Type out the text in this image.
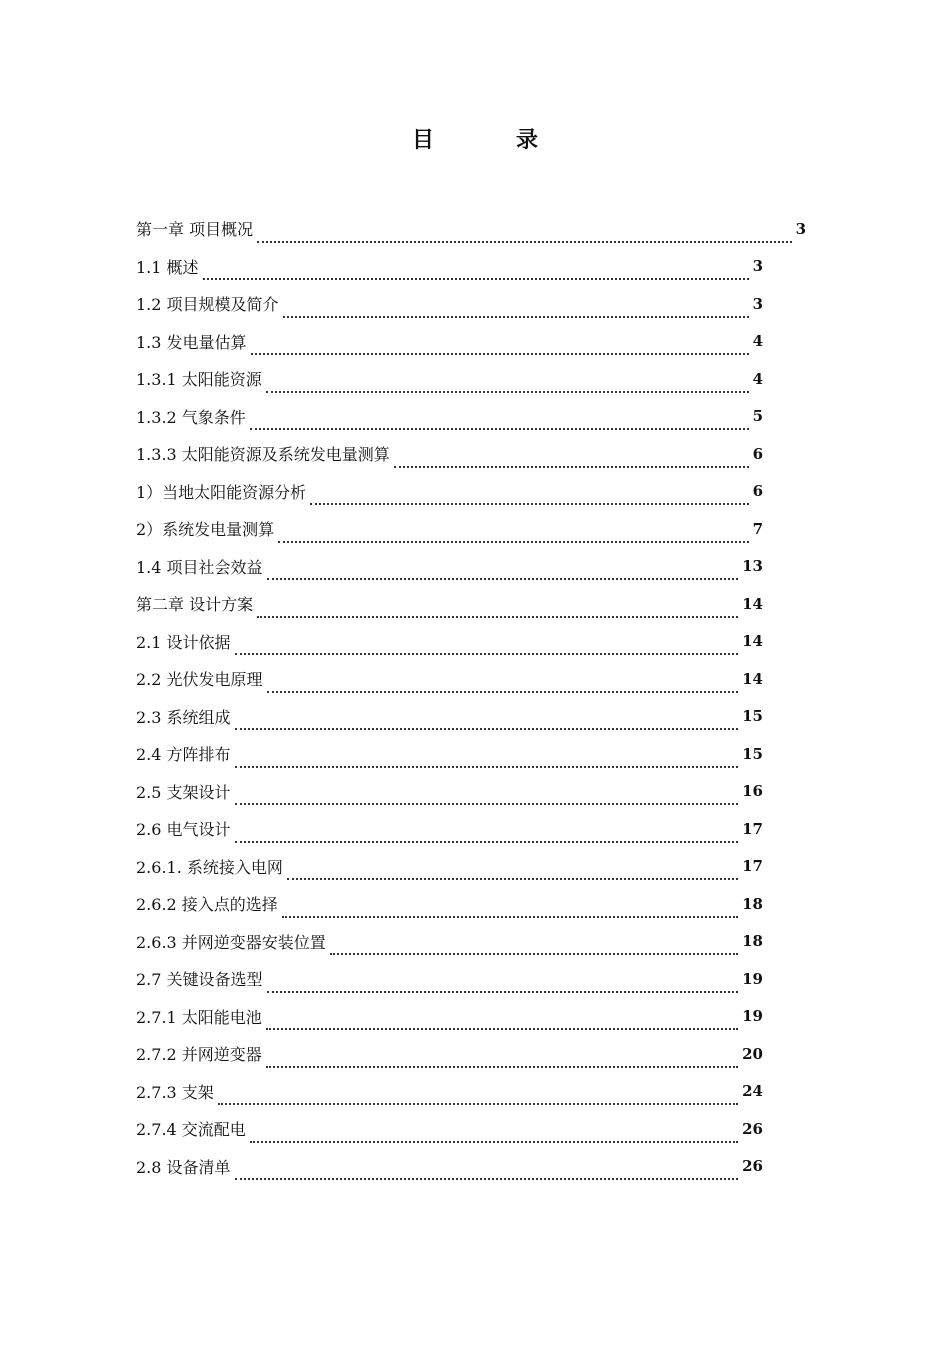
目　录
第一章 项目概况	3
1.1 概述	3
1.2 项目规模及简介	3
1.3 发电量估算	4
1.3.1 太阳能资源	4
1.3.2 气象条件	5
1.3.3 太阳能资源及系统发电量测算	6
1）当地太阳能资源分析	6
2）系统发电量测算	7
1.4 项目社会效益	13
第二章 设计方案	14
2.1 设计依据	14
2.2 光伏发电原理	14
2.3 系统组成	15
2.4 方阵排布	15
2.5 支架设计	16
2.6 电气设计	17
2.6.1. 系统接入电网	17
2.6.2 接入点的选择	18
2.6.3 并网逆变器安装位置	18
2.7 关键设备选型	19
2.7.1 太阳能电池	19
2.7.2 并网逆变器	20
2.7.3 支架	24
2.7.4 交流配电	26
2.8 设备清单	26
